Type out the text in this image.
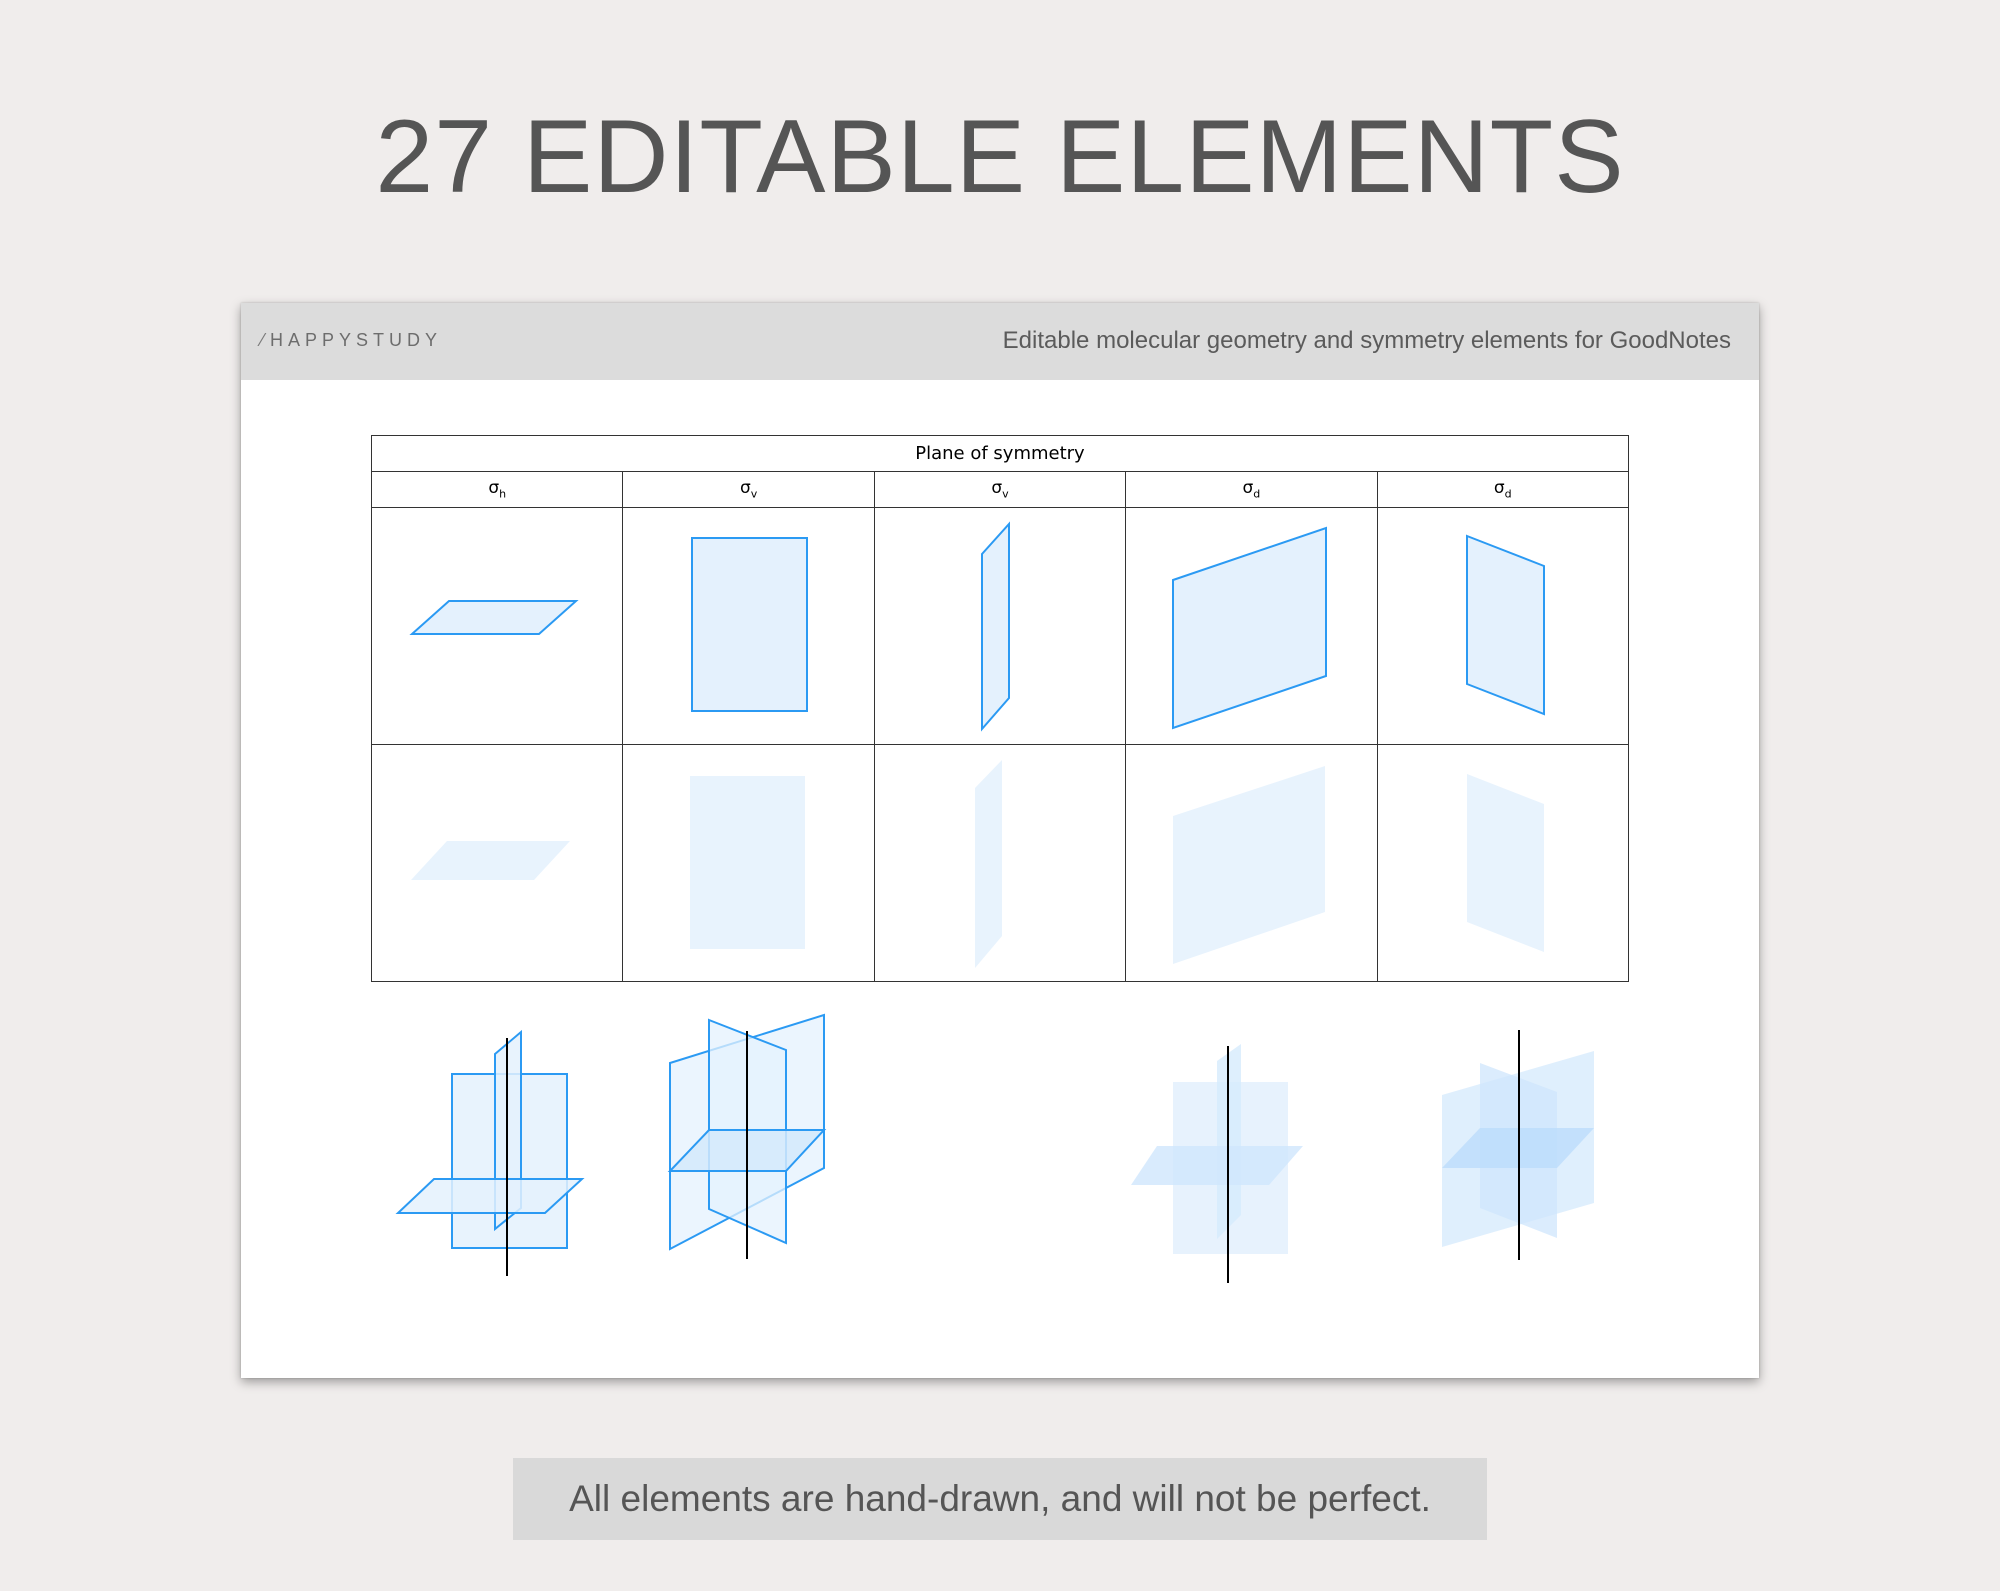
27 EDITABLE ELEMENTS
⁄ HAPPYSTUDY	Editable molecular geometry and symmetry elements for GoodNotes
Plane of symmetry				
$\sigma_h$	$\sigma_v$	$\sigma_v$	$\sigma_d$	$\sigma_d$

All elements are hand-drawn, and will not be perfect.
